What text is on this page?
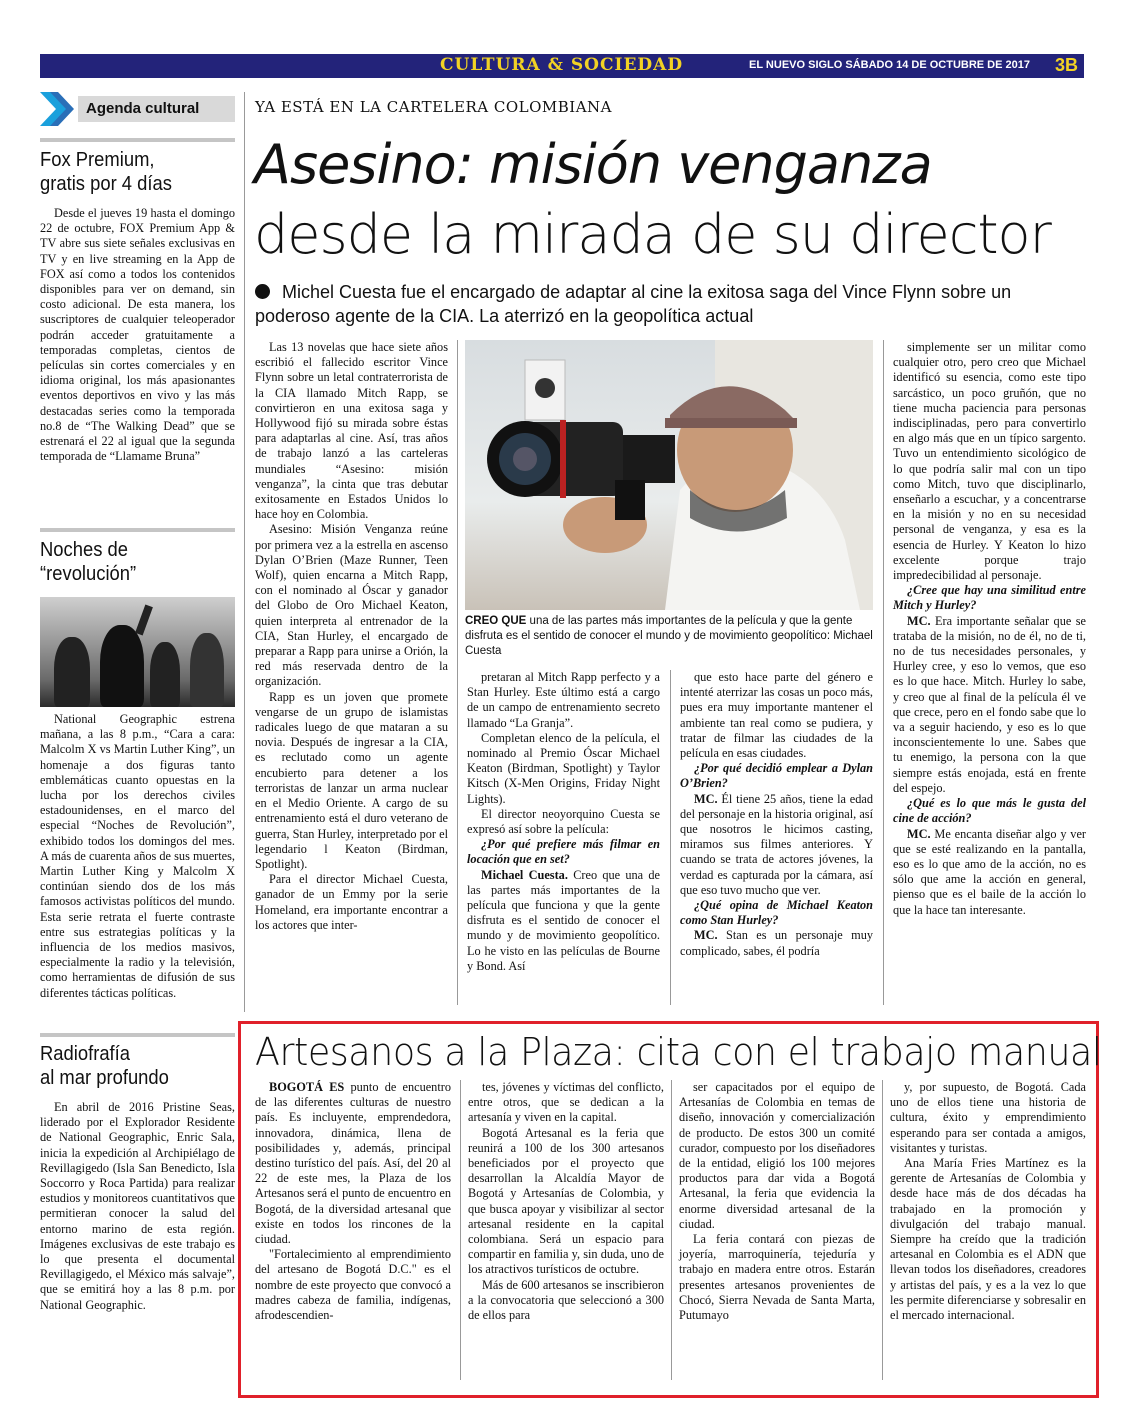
CULTURA & SOCIEDAD	EL NUEVO SIGLO SÁBADO 14 DE OCTUBRE DE 2017 3B
Agenda cultural
Fox Premium,
gratis por 4 días

Desde el jueves 19 hasta el domingo 22 de octubre, FOX Premium App & TV abre sus siete señales exclusivas en TV y en live streaming en la App de FOX así como a todos los contenidos disponibles para ver on demand, sin costo adicional. De esta manera, los suscriptores de cualquier teleoperador podrán acceder gratuitamente a temporadas completas, cientos de películas sin cortes comerciales y en idioma original, los más apasionantes eventos deportivos en vivo y las más destacadas series como la temporada no.8 de “The Walking Dead” que se estrenará el 22 al igual que la segunda temporada de “Llamame Bruna”

Noches de
“revolución”

National Geographic estrena mañana, a las 8 p.m., “Cara a cara: Malcolm X vs Martin Luther King”, un homenaje a dos figuras tanto emblemáticas cuanto opuestas en la lucha por los derechos civiles estadounidenses, en el marco del especial “Noches de Revolución”, exhibido todos los domingos del mes. A más de cuarenta años de sus muertes, Martin Luther King y Malcolm X continúan siendo dos de los más famosos activistas políticos del mundo. Esta serie retrata el fuerte contraste entre sus estrategias políticas y la influencia de los medios masivos, especialmente la radio y la televisión, como herramientas de difusión de sus diferentes tácticas políticas.

Radiofrafía
al mar profundo

En abril de 2016 Pristine Seas, liderado por el Explorador Residente de National Geographic, Enric Sala, inicia la expedición al Archipiélago de Revillagigedo (Isla San Benedicto, Isla Soccorro y Roca Partida) para realizar estudios y monitoreos cuantitativos que permitieran conocer la salud del entorno marino de esta región. Imágenes exclusivas de este trabajo es lo que presenta el documental Revillagigedo, el México más salvaje”, que se emitirá hoy a las 8 p.m. por National Geographic.

YA ESTÁ EN LA CARTELERA COLOMBIANA
Asesino: misión venganza
desde la mirada de su director
Michel Cuesta fue el encargado de adaptar al cine la exitosa saga del Vince Flynn sobre un poderoso agente de la CIA. La aterrizó en la geopolítica actual
CREO QUE una de las partes más importantes de la película y que la gente disfruta es el sentido de conocer el mundo y de movimiento geopolítico: Michael Cuesta

Las 13 novelas que hace siete años escribió el fallecido escritor Vince Flynn sobre un letal contraterrorista de la CIA llamado Mitch Rapp, se convirtieron en una exitosa saga y Hollywood fijó su mirada sobre éstas para adaptarlas al cine. Así, tras años de trabajo lanzó a las carteleras mundiales “Asesino: misión venganza”, la cinta que tras debutar exitosamente en Estados Unidos lo hace hoy en Colombia.

Asesino: Misión Venganza reúne por primera vez a la estrella en ascenso Dylan O’Brien (Maze Runner, Teen Wolf), quien encarna a Mitch Rapp, con el nominado al Óscar y ganador del Globo de Oro Michael Keaton, quien interpreta al entrenador de la CIA, Stan Hurley, el encargado de preparar a Rapp para unirse a Orión, la red más reservada dentro de la organización.

Rapp es un joven que promete vengarse de un grupo de islamistas radicales luego de que mataran a su novia. Después de ingresar a la CIA, es reclutado como un agente encubierto para detener a los terroristas de lanzar un arma nuclear en el Medio Oriente. A cargo de su entrenamiento está el duro veterano de guerra, Stan Hurley, interpretado por el legendario l Keaton (Birdman, Spotlight).

Para el director Michael Cuesta, ganador de un Emmy por la serie Homeland, era importante encontrar a los actores que inter-

pretaran al Mitch Rapp perfecto y a Stan Hurley. Este último está a cargo de un campo de entrenamiento secreto llamado “La Granja”.

Completan elenco de la película, el nominado al Premio Óscar Michael Keaton (Birdman, Spotlight) y Taylor Kitsch (X-Men Origins, Friday Night Lights).

El director neoyorquino Cuesta se expresó así sobre la película:

¿Por qué prefiere más filmar en locación que en set?

Michael Cuesta. Creo que una de las partes más importantes de la película que funciona y que la gente disfruta es el sentido de conocer el mundo y de movimiento geopolítico. Lo he visto en las películas de Bourne y Bond. Así

que esto hace parte del género e intenté aterrizar las cosas un poco más, pues era muy importante mantener el ambiente tan real como se pudiera, y tratar de filmar las ciudades de la película en esas ciudades.

¿Por qué decidió emplear a Dylan O’Brien?

MC. Él tiene 25 años, tiene la edad del personaje en la historia original, así que nosotros le hicimos casting, miramos sus filmes anteriores. Y cuando se trata de actores jóvenes, la verdad es capturada por la cámara, así que eso tuvo mucho que ver.

¿Qué opina de Michael Keaton como Stan Hurley?

MC. Stan es un personaje muy complicado, sabes, él podría

simplemente ser un militar como cualquier otro, pero creo que Michael identificó su esencia, como este tipo sarcástico, un poco gruñón, que no tiene mucha paciencia para personas indisciplinadas, pero para convertirlo en algo más que en un típico sargento. Tuvo un entendimiento sicológico de lo que podría salir mal con un tipo como Mitch, tuvo que disciplinarlo, enseñarlo a escuchar, y a concentrarse en la misión y no en su necesidad personal de venganza, y esa es la esencia de Hurley. Y Keaton lo hizo excelente porque trajo impredecibilidad al personaje.

¿Cree que hay una similitud entre Mitch y Hurley?

MC. Era importante señalar que se trataba de la misión, no de él, no de ti, no de tus necesidades personales, y Hurley cree, y eso lo vemos, que eso es lo que hace. Mitch. Hurley lo sabe, y creo que al final de la película él ve que crece, pero en el fondo sabe que lo va a seguir haciendo, y eso es lo que inconscientemente lo une. Sabes que tu enemigo, la persona con la que siempre estás enojada, está en frente del espejo.

¿Qué es lo que más le gusta del cine de acción?

MC. Me encanta diseñar algo y ver que se esté realizando en la pantalla, eso es lo que amo de la acción, no es sólo que ame la acción en general, pienso que es el baile de la acción lo que la hace tan interesante.

Artesanos a la Plaza: cita con el trabajo manual

BOGOTÁ ES punto de encuentro de las diferentes culturas de nuestro país. Es incluyente, emprendedora, innovadora, dinámica, llena de posibilidades y, además, principal destino turístico del país. Así, del 20 al 22 de este mes, la Plaza de los Artesanos será el punto de encuentro en Bogotá, de la diversidad artesanal que existe en todos los rincones de la ciudad.

"Fortalecimiento al emprendimiento del artesano de Bogotá D.C." es el nombre de este proyecto que convocó a madres cabeza de familia, indígenas, afrodescendien-

tes, jóvenes y víctimas del conflicto, entre otros, que se dedican a la artesanía y viven en la capital.

Bogotá Artesanal es la feria que reunirá a 100 de los 300 artesanos beneficiados por el proyecto que desarrollan la Alcaldía Mayor de Bogotá y Artesanías de Colombia, y que busca apoyar y visibilizar al sector artesanal residente en la capital colombiana. Será un espacio para compartir en familia y, sin duda, uno de los atractivos turísticos de octubre.

Más de 600 artesanos se inscribieron a la convocatoria que seleccionó a 300 de ellos para

ser capacitados por el equipo de Artesanías de Colombia en temas de diseño, innovación y comercialización de producto. De estos 300 un comité curador, compuesto por los diseñadores de la entidad, eligió los 100 mejores productos para dar vida a Bogotá Artesanal, la feria que evidencia la enorme diversidad artesanal de la ciudad.

La feria contará con piezas de joyería, marroquinería, tejeduría y trabajo en madera entre otros. Estarán presentes artesanos provenientes de Chocó, Sierra Nevada de Santa Marta, Putumayo

y, por supuesto, de Bogotá. Cada uno de ellos tiene una historia de cultura, éxito y emprendimiento esperando para ser contada a amigos, visitantes y turistas.

Ana María Fries Martínez es la gerente de Artesanías de Colombia y desde hace más de dos décadas ha trabajado en la promoción y divulgación del trabajo manual. Siempre ha creído que la tradición artesanal en Colombia es el ADN que llevan todos los diseñadores, creadores y artistas del país, y es a la vez lo que les permite diferenciarse y sobresalir en el mercado internacional.
